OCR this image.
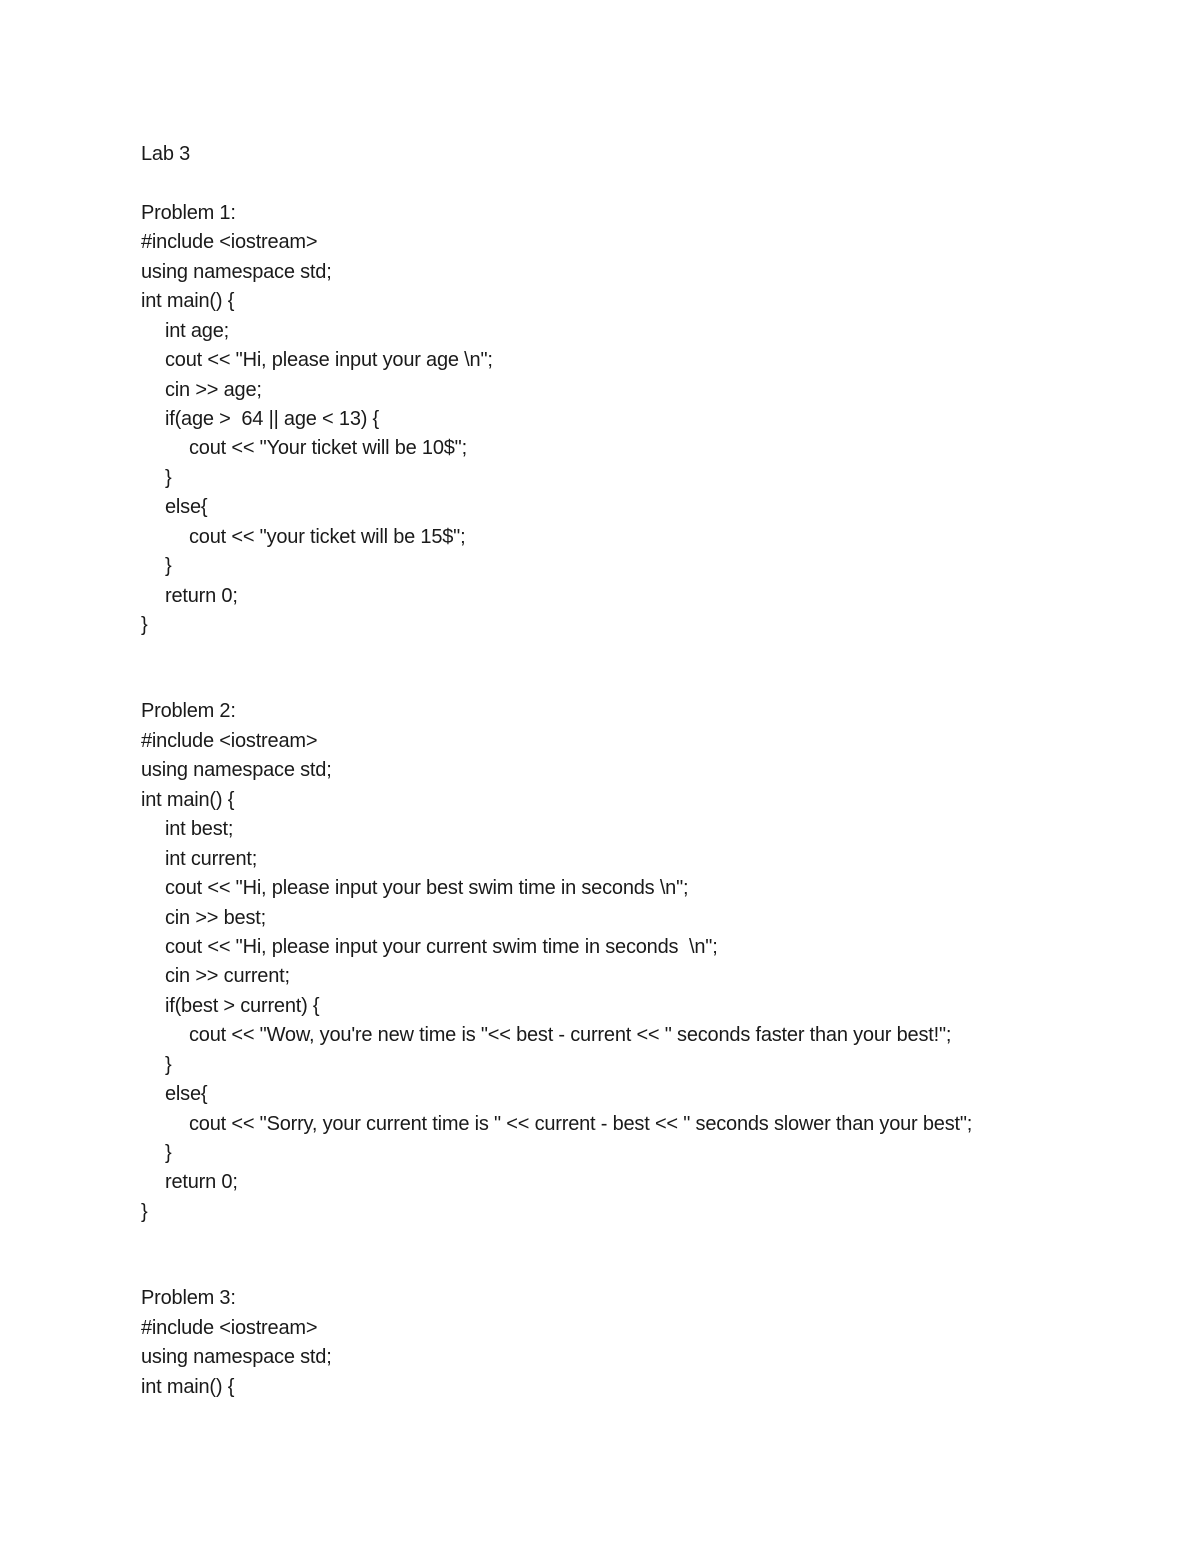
Lab 3
Problem 1:
#include <iostream>
using namespace std;
int main() {
int age;
cout << "Hi, please input your age \n";
cin >> age;
if(age >  64 || age < 13) {
cout << "Your ticket will be 10$";
}
else{
cout << "your ticket will be 15$";
}
return 0;
}
Problem 2:
#include <iostream>
using namespace std;
int main() {
int best;
int current;
cout << "Hi, please input your best swim time in seconds \n";
cin >> best;
cout << "Hi, please input your current swim time in seconds  \n";
cin >> current;
if(best > current) {
cout << "Wow, you're new time is "<< best - current << " seconds faster than your best!";
}
else{
cout << "Sorry, your current time is " << current - best << " seconds slower than your best";
}
return 0;
}
Problem 3:
#include <iostream>
using namespace std;
int main() {
